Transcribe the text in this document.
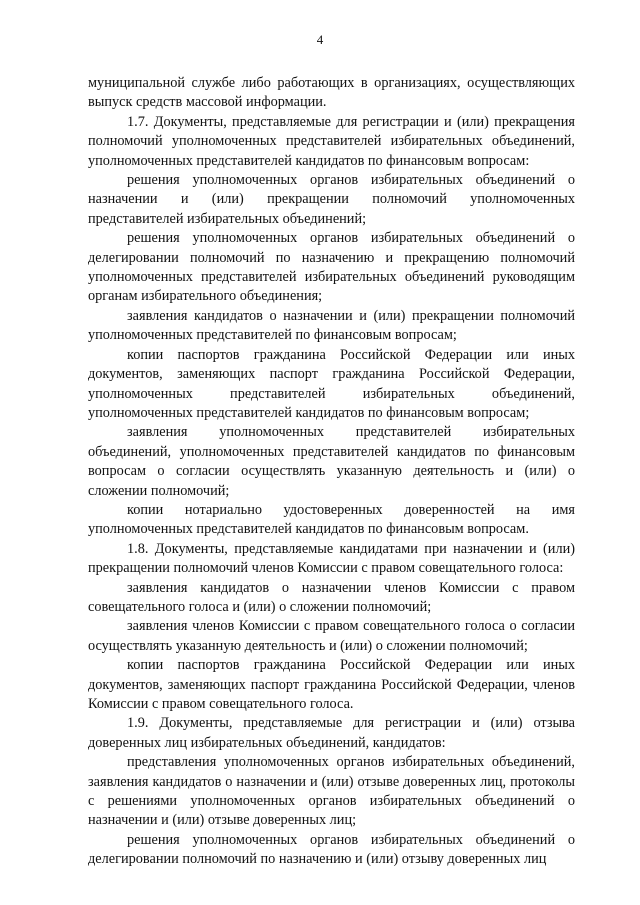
4

муниципальной службе либо работающих в организациях, осуществляющих выпуск средств массовой информации.

1.7. Документы, представляемые для регистрации и (или) прекращения полномочий уполномоченных представителей избирательных объединений, уполномоченных представителей кандидатов по финансовым вопросам:

решения уполномоченных органов избирательных объединений о назначении и (или) прекращении полномочий уполномоченных представителей избирательных объединений;

решения уполномоченных органов избирательных объединений о делегировании полномочий по назначению и прекращению полномочий уполномоченных представителей избирательных объединений руководящим органам избирательного объединения;

заявления кандидатов о назначении и (или) прекращении полномочий уполномоченных представителей по финансовым вопросам;

копии паспортов гражданина Российской Федерации или иных документов, заменяющих паспорт гражданина Российской Федерации, уполномоченных представителей избирательных объединений, уполномоченных представителей кандидатов по финансовым вопросам;

заявления уполномоченных представителей избирательных объединений, уполномоченных представителей кандидатов по финансовым вопросам о согласии осуществлять указанную деятельность и (или) о сложении полномочий;

копии нотариально удостоверенных доверенностей на имя уполномоченных представителей кандидатов по финансовым вопросам.

1.8. Документы, представляемые кандидатами при назначении и (или) прекращении полномочий членов Комиссии с правом совещательного голоса:

заявления кандидатов о назначении членов Комиссии с правом совещательного голоса и (или) о сложении полномочий;

заявления членов Комиссии с правом совещательного голоса о согласии осуществлять указанную деятельность и (или) о сложении полномочий;

копии паспортов гражданина Российской Федерации или иных документов, заменяющих паспорт гражданина Российской Федерации, членов Комиссии с правом совещательного голоса.

1.9. Документы, представляемые для регистрации и (или) отзыва доверенных лиц избирательных объединений, кандидатов:

представления уполномоченных органов избирательных объединений, заявления кандидатов о назначении и (или) отзыве доверенных лиц, протоколы с решениями уполномоченных органов избирательных объединений о назначении и (или) отзыве доверенных лиц;

решения уполномоченных органов избирательных объединений о делегировании полномочий по назначению и (или) отзыву доверенных лиц
